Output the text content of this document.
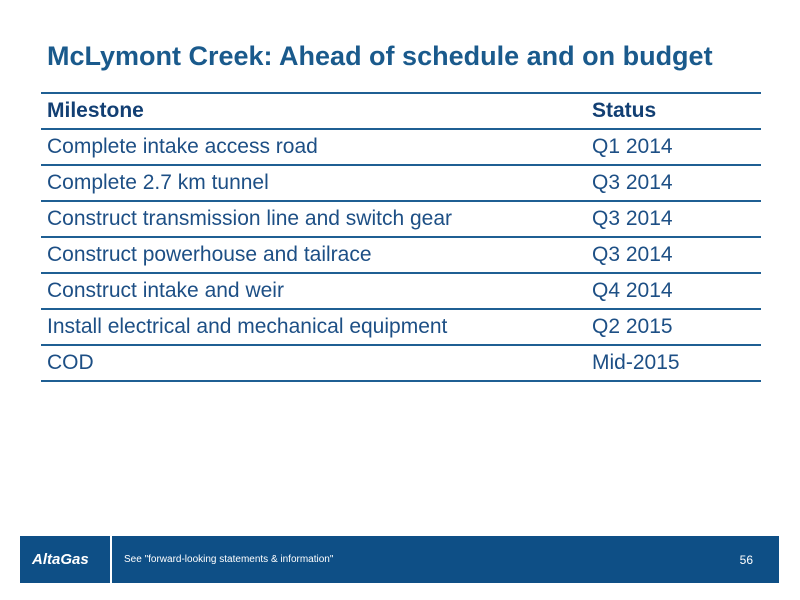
McLymont Creek: Ahead of schedule and on budget
Milestone	Status
Complete intake access road	Q1 2014
Complete 2.7 km tunnel	Q3 2014
Construct transmission line and switch gear	Q3 2014
Construct powerhouse and tailrace	Q3 2014
Construct intake and weir	Q4 2014
Install electrical and mechanical equipment	Q2 2015
COD	Mid-2015
AltaGas	See "forward-looking statements & information"	56
